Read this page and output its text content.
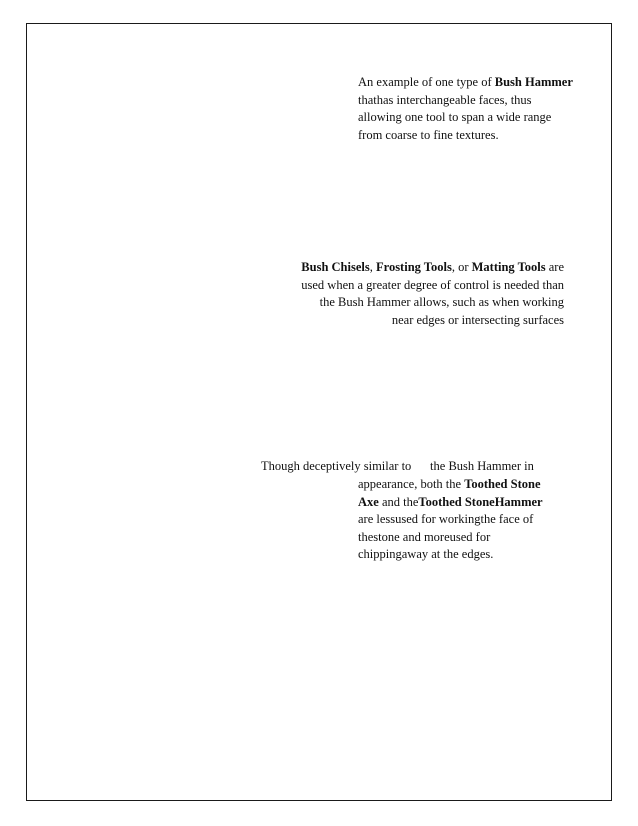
An example of one type of Bush Hammer thathas interchangeable faces, thus allowing one tool to span a wide range from coarse to fine textures.
Bush Chisels, Frosting Tools, or Matting Tools are used when a greater degree of control is needed than the Bush Hammer allows, such as when working near edges or intersecting surfaces
Though deceptively similar to      the Bush Hammer in
appearance, both the Toothed Stone Axe and theToothed StoneHammer are lessused for workingthe face of thestone and moreused for chippingaway at the edges.
